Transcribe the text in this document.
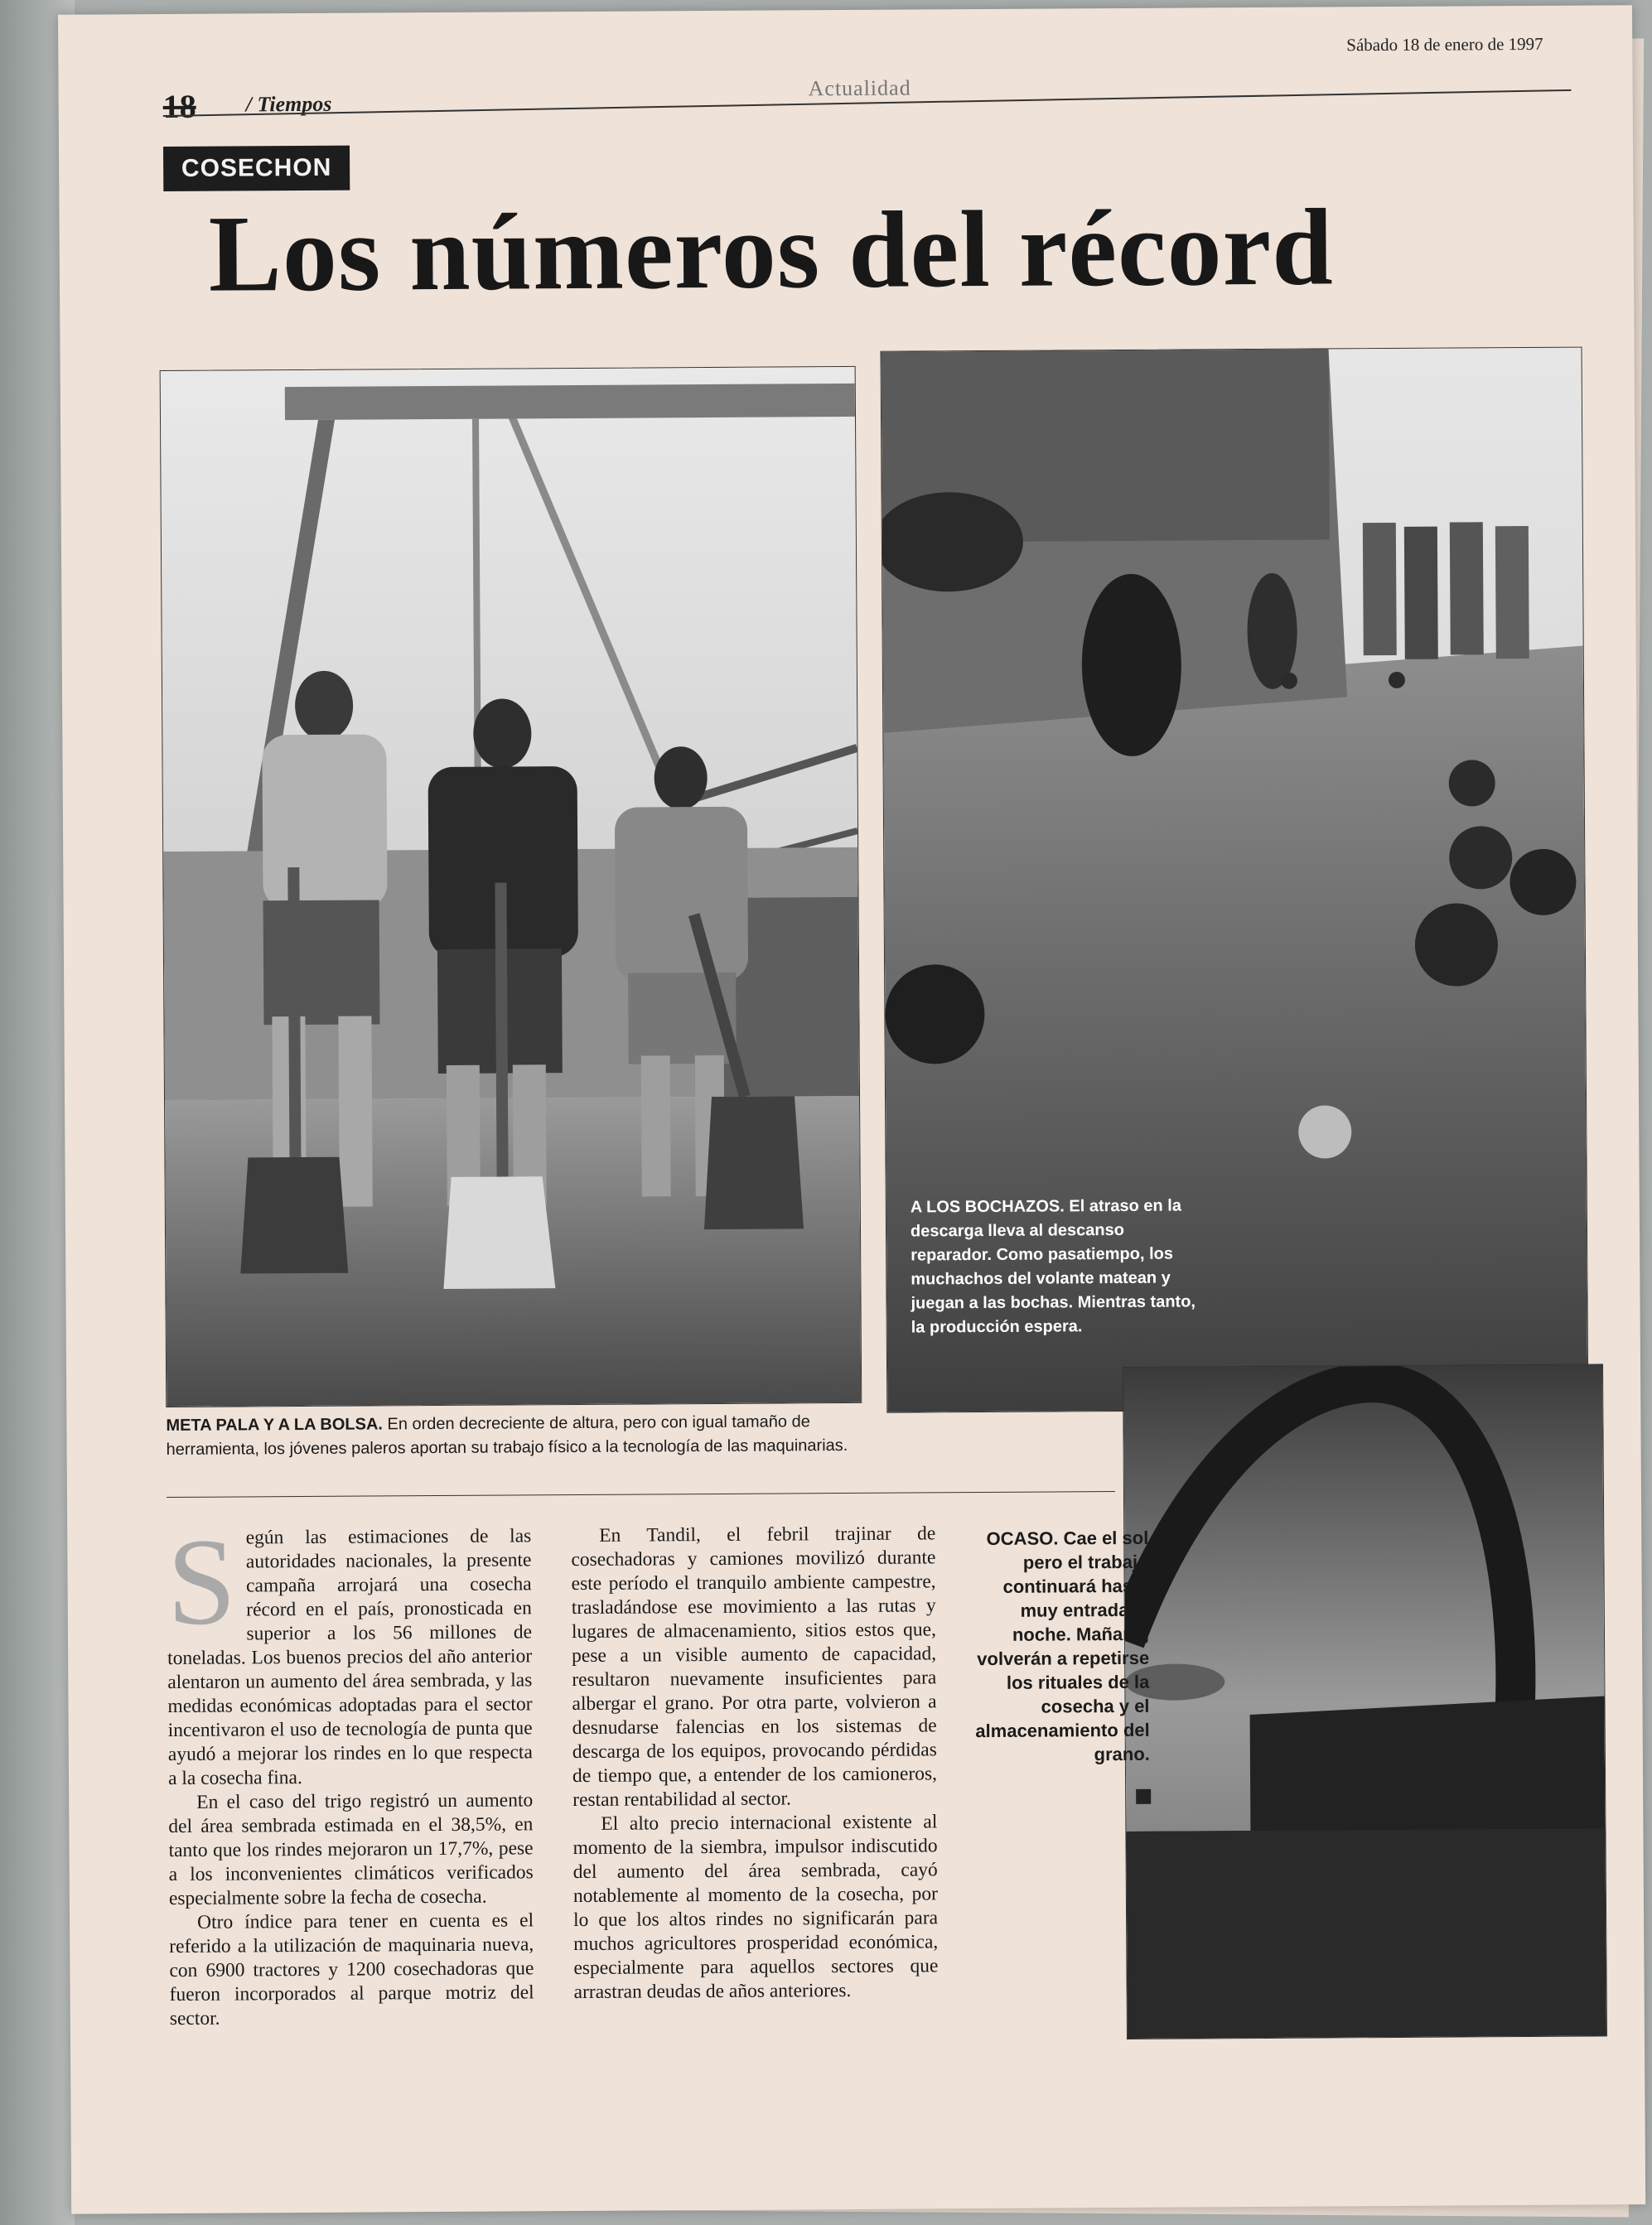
Sábado 18 de enero de 1997
18 / Tiempos
Actualidad
COSECHON
Los números del récord
A LOS BOCHAZOS. El atraso en la descarga lleva al descanso reparador. Como pasatiempo, los muchachos del volante matean y juegan a las bochas. Mientras tanto, la producción espera.
META PALA Y A LA BOLSA. En orden decreciente de altura, pero con igual tamaño de herramienta, los jóvenes paleros aportan su trabajo físico a la tecnología de las maquinarias.

Según las estimaciones de las autoridades nacionales, la presente campaña arrojará una cosecha récord en el país, pronosticada en superior a los 56 millones de toneladas. Los buenos precios del año anterior alentaron un aumento del área sembrada, y las medidas económicas adoptadas para el sector incentivaron el uso de tecnología de punta que ayudó a mejorar los rindes en lo que respecta a la cosecha fina.

En el caso del trigo registró un aumento del área sembrada estimada en el 38,5%, en tanto que los rindes mejoraron un 17,7%, pese a los inconvenientes climáticos verificados especialmente sobre la fecha de cosecha.

Otro índice para tener en cuenta es el referido a la utilización de maquinaria nueva, con 6900 tractores y 1200 cosechadoras que fueron incorporados al parque motriz del sector.

En Tandil, el febril trajinar de cosechadoras y camiones movilizó durante este período el tranquilo ambiente campestre, trasladándose ese movimiento a las rutas y lugares de almacenamiento, sitios estos que, pese a un visible aumento de capacidad, resultaron nuevamente insuficientes para albergar el grano. Por otra parte, volvieron a desnudarse falencias en los sistemas de descarga de los equipos, provocando pérdidas de tiempo que, a entender de los camioneros, restan rentabilidad al sector.

El alto precio internacional existente al momento de la siembra, impulsor indiscutido del aumento del área sembrada, cayó notablemente al momento de la cosecha, por lo que los altos rindes no significarán para muchos agricultores prosperidad económica, especialmente para aquellos sectores que arrastran deudas de años anteriores.

OCASO. Cae el sol pero el trabajo continuará hasta muy entrada la noche. Mañana, volverán a repetirse los rituales de la cosecha y el almacenamiento del grano.
